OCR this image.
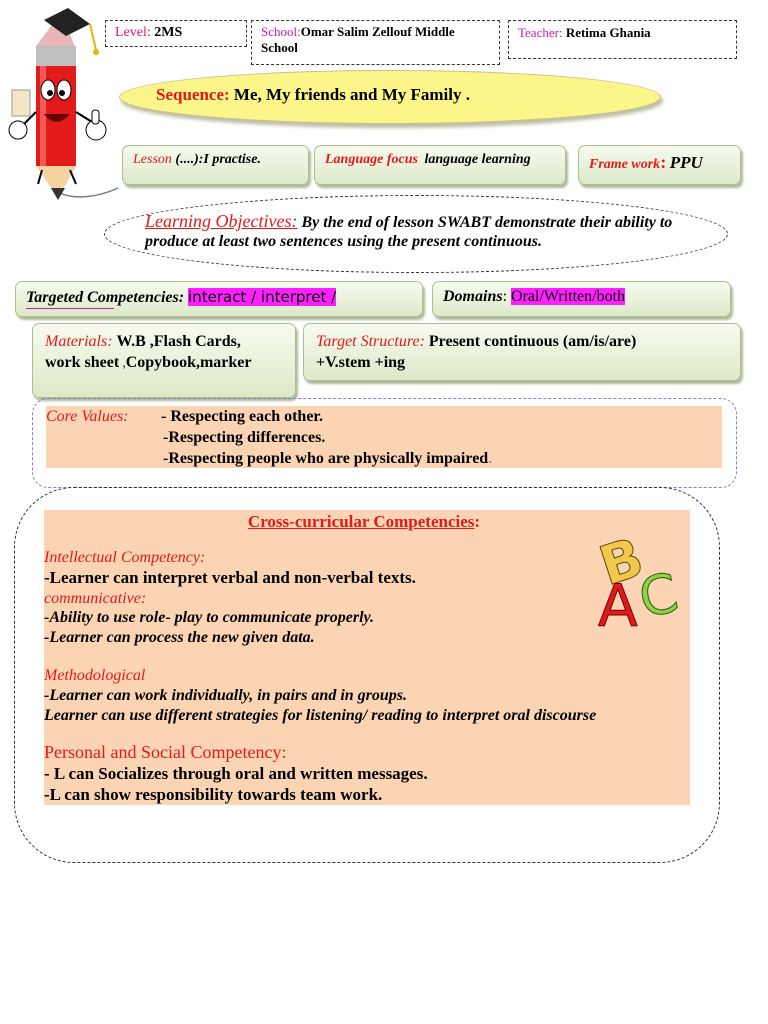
Level: 2MS	School:Omar Salim Zellouf Middle School
Teacher: Retima Ghania
Sequence: Me, My friends and My Family .
Lesson (....):I practise.	Language focus language learning	Frame work: PPU
Learning Objectives: By the end of lesson SWABT demonstrate their ability to produce at least two sentences using the present continuous.
Targeted Competencies: interact / interpret /	Domains: Oral/Written/both
Materials: W.B ,Flash Cards,
work sheet ,Copybook,marker
Target Structure: Present continuous (am/is/are)
+V.stem +ing
Core Values: - Respecting each other.
-Respecting differences.
-Respecting people who are physically impaired.
Cross-curricular Competencies:
Intellectual Competency:
-Learner can interpret verbal and non-verbal texts.
communicative:
-Ability to use role- play to communicate properly.
-Learner can process the new given data.
Methodological
-Learner can work individually, in pairs and in groups.
Learner can use different strategies for listening/ reading to interpret oral discourse
Personal and Social Competency:
- L can Socializes through oral and written messages.
-L can show responsibility towards team work.
B
C
A
